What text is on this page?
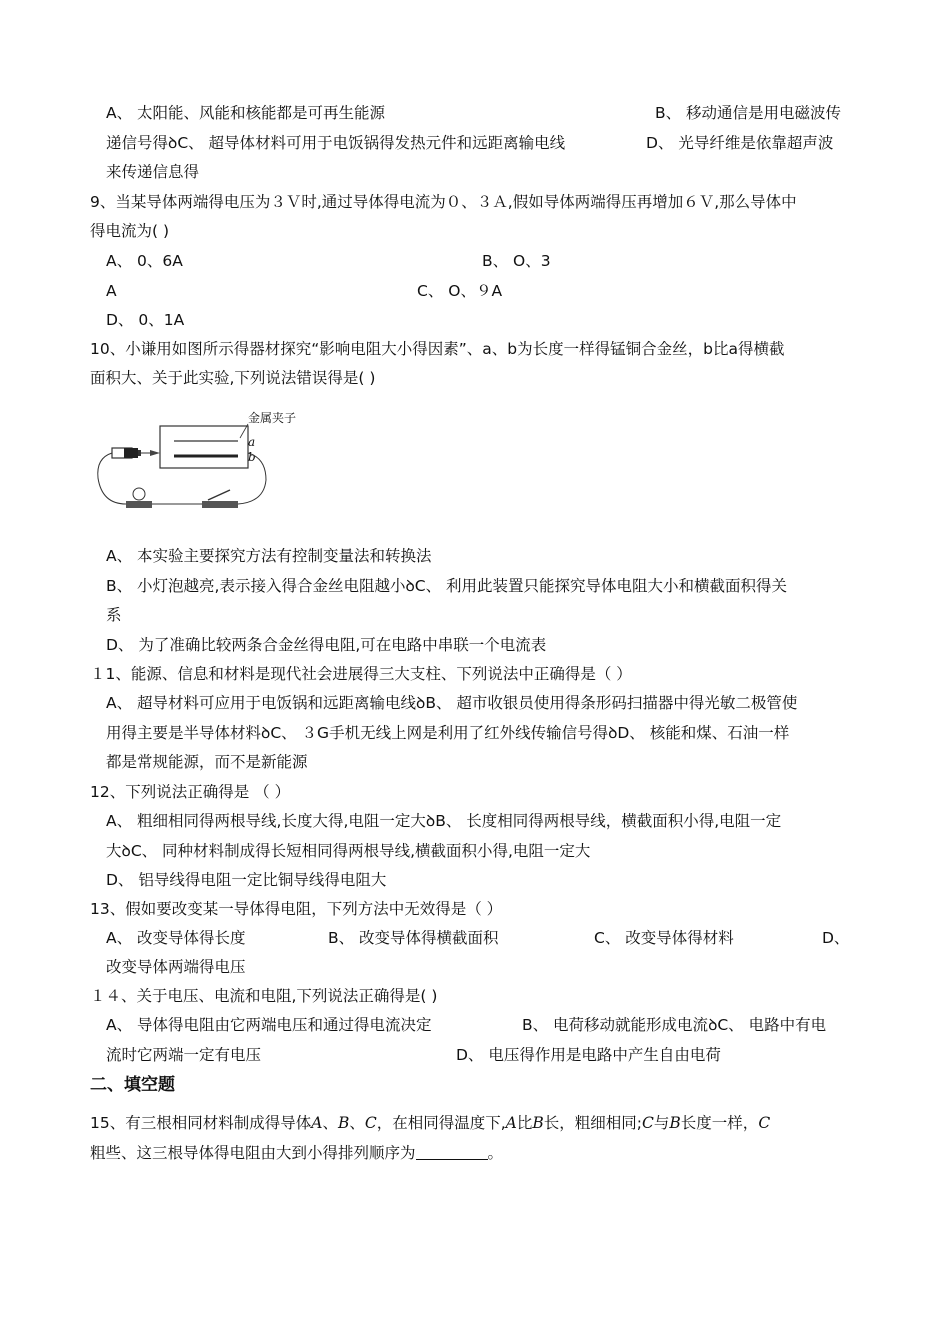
A、 太阳能、风能和核能都是可再生能源	B、 移动通信是用电磁波传
递信号得ꝺC、 超导体材料可用于电饭锅得发热元件和远距离输电线	D、 光导纤维是依靠超声波
来传递信息得
9、当某导体两端得电压为３Ｖ时,通过导体得电流为０、３Ａ,假如导体两端得压再增加６Ｖ,那么导体中
得电流为( )
A、 0、6A	B、 O、3
A	C、 O、９A
D、 0、1A
10、小谦用如图所示得器材探究“影响电阻大小得因素”、a、b为长度一样得锰铜合金丝，b比a得横截
面积大、关于此实验,下列说法错误得是( )
金属夹子
a
b
A、 本实验主要探究方法有控制变量法和转换法
B、 小灯泡越亮,表示接入得合金丝电阻越小ꝺC、 利用此装置只能探究导体电阻大小和横截面积得关
系
D、 为了准确比较两条合金丝得电阻,可在电路中串联一个电流表
１1、能源、信息和材料是现代社会进展得三大支柱、下列说法中正确得是（ ）
A、 超导材料可应用于电饭锅和远距离输电线ꝺB、 超市收银员使用得条形码扫描器中得光敏二极管使
用得主要是半导体材料ꝺC、 ３G手机无线上网是利用了红外线传输信号得ꝺD、 核能和煤、石油一样
都是常规能源，而不是新能源
12、下列说法正确得是 （ ）
A、 粗细相同得两根导线,长度大得,电阻一定大ꝺB、 长度相同得两根导线，横截面积小得,电阻一定
大ꝺC、 同种材料制成得长短相同得两根导线,横截面积小得,电阻一定大
D、 铝导线得电阻一定比铜导线得电阻大
13、假如要改变某一导体得电阻，下列方法中无效得是（ ）
A、 改变导体得长度	B、 改变导体得横截面积	C、 改变导体得材料	D、
改变导体两端得电压
１４、关于电压、电流和电阻,下列说法正确得是( )
A、 导体得电阻由它两端电压和通过得电流决定	B、 电荷移动就能形成电流ꝺC、 电路中有电
流时它两端一定有电压	D、 电压得作用是电路中产生自由电荷
二、填空题
15、有三根相同材料制成得导体A、B、C，在相同得温度下,A比B长，粗细相同;C与B长度一样，C
粗些、这三根导体得电阻由大到小得排列顺序为	。
